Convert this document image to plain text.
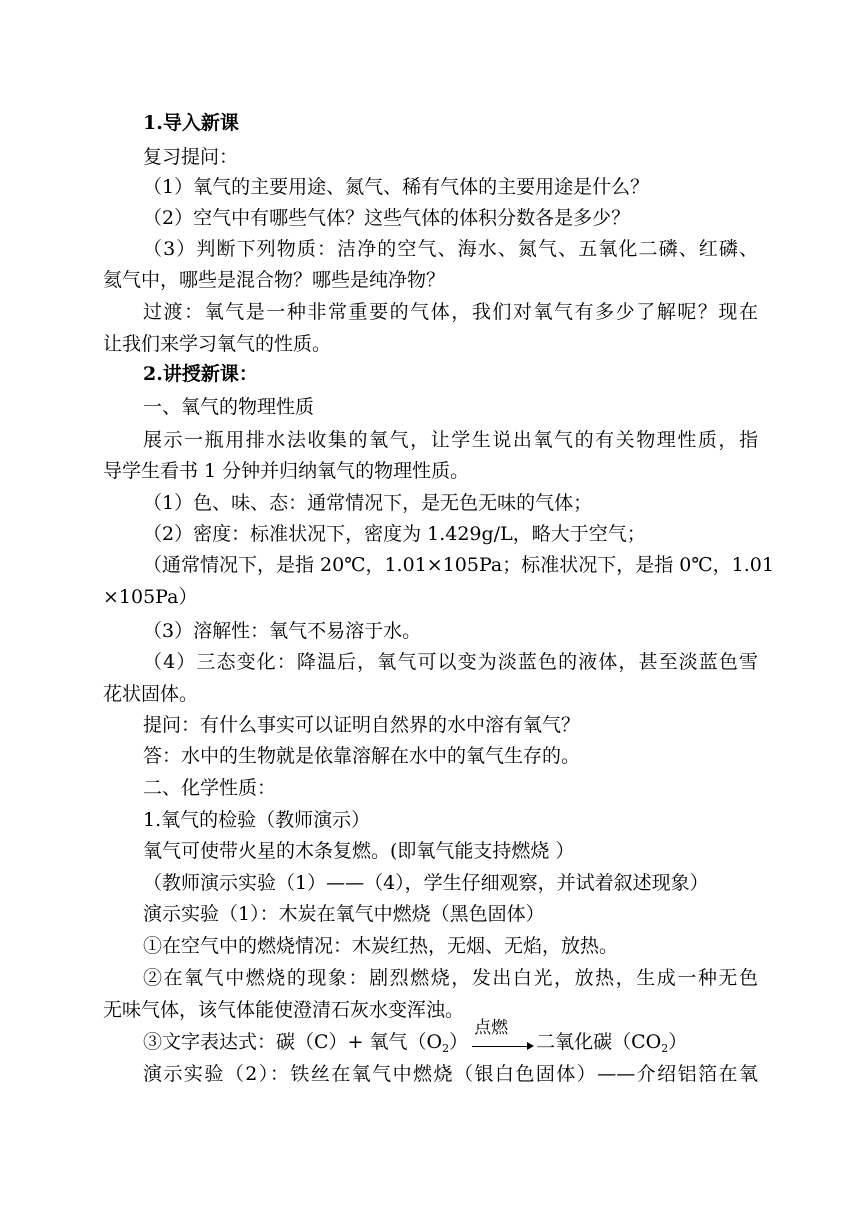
1.导入新课
复习提问：
（1）氧气的主要用途、氮气、稀有气体的主要用途是什么？
（2）空气中有哪些气体？这些气体的体积分数各是多少？
（3）判断下列物质：洁净的空气、海水、氮气、五氧化二磷、红磷、
氦气中，哪些是混合物？哪些是纯净物？
过渡：氧气是一种非常重要的气体，我们对氧气有多少了解呢？现在
让我们来学习氧气的性质。
2.讲授新课：
一、氧气的物理性质
展示一瓶用排水法收集的氧气，让学生说出氧气的有关物理性质，指
导学生看书 1 分钟并归纳氧气的物理性质。
（1）色、味、态：通常情况下，是无色无味的气体；
（2）密度：标准状况下，密度为 1.429g/L，略大于空气；
（通常情况下，是指 20℃，1.01×105Pa；标准状况下，是指 0℃，1.01
×105Pa）
（3）溶解性：氧气不易溶于水。
（4）三态变化：降温后，氧气可以变为淡蓝色的液体，甚至淡蓝色雪
花状固体。
提问：有什么事实可以证明自然界的水中溶有氧气？
答：水中的生物就是依靠溶解在水中的氧气生存的。
二、化学性质：
1.氧气的检验（教师演示）
氧气可使带火星的木条复燃。(即氧气能支持燃烧 ）
（教师演示实验（1）——（4），学生仔细观察，并试着叙述现象）
演示实验（1）：木炭在氧气中燃烧（黑色固体）
①在空气中的燃烧情况：木炭红热，无烟、无焰，放热。
②在氧气中燃烧的现象：剧烈燃烧，发出白光，放热，生成一种无色
无味气体，该气体能使澄清石灰水变浑浊。
③文字表达式：碳（C）+ 氧气$(O_2)$
点燃
二氧化碳$(CO_2)$
演示实验（2）：铁丝在氧气中燃烧（银白色固体）——介绍铝箔在氧
